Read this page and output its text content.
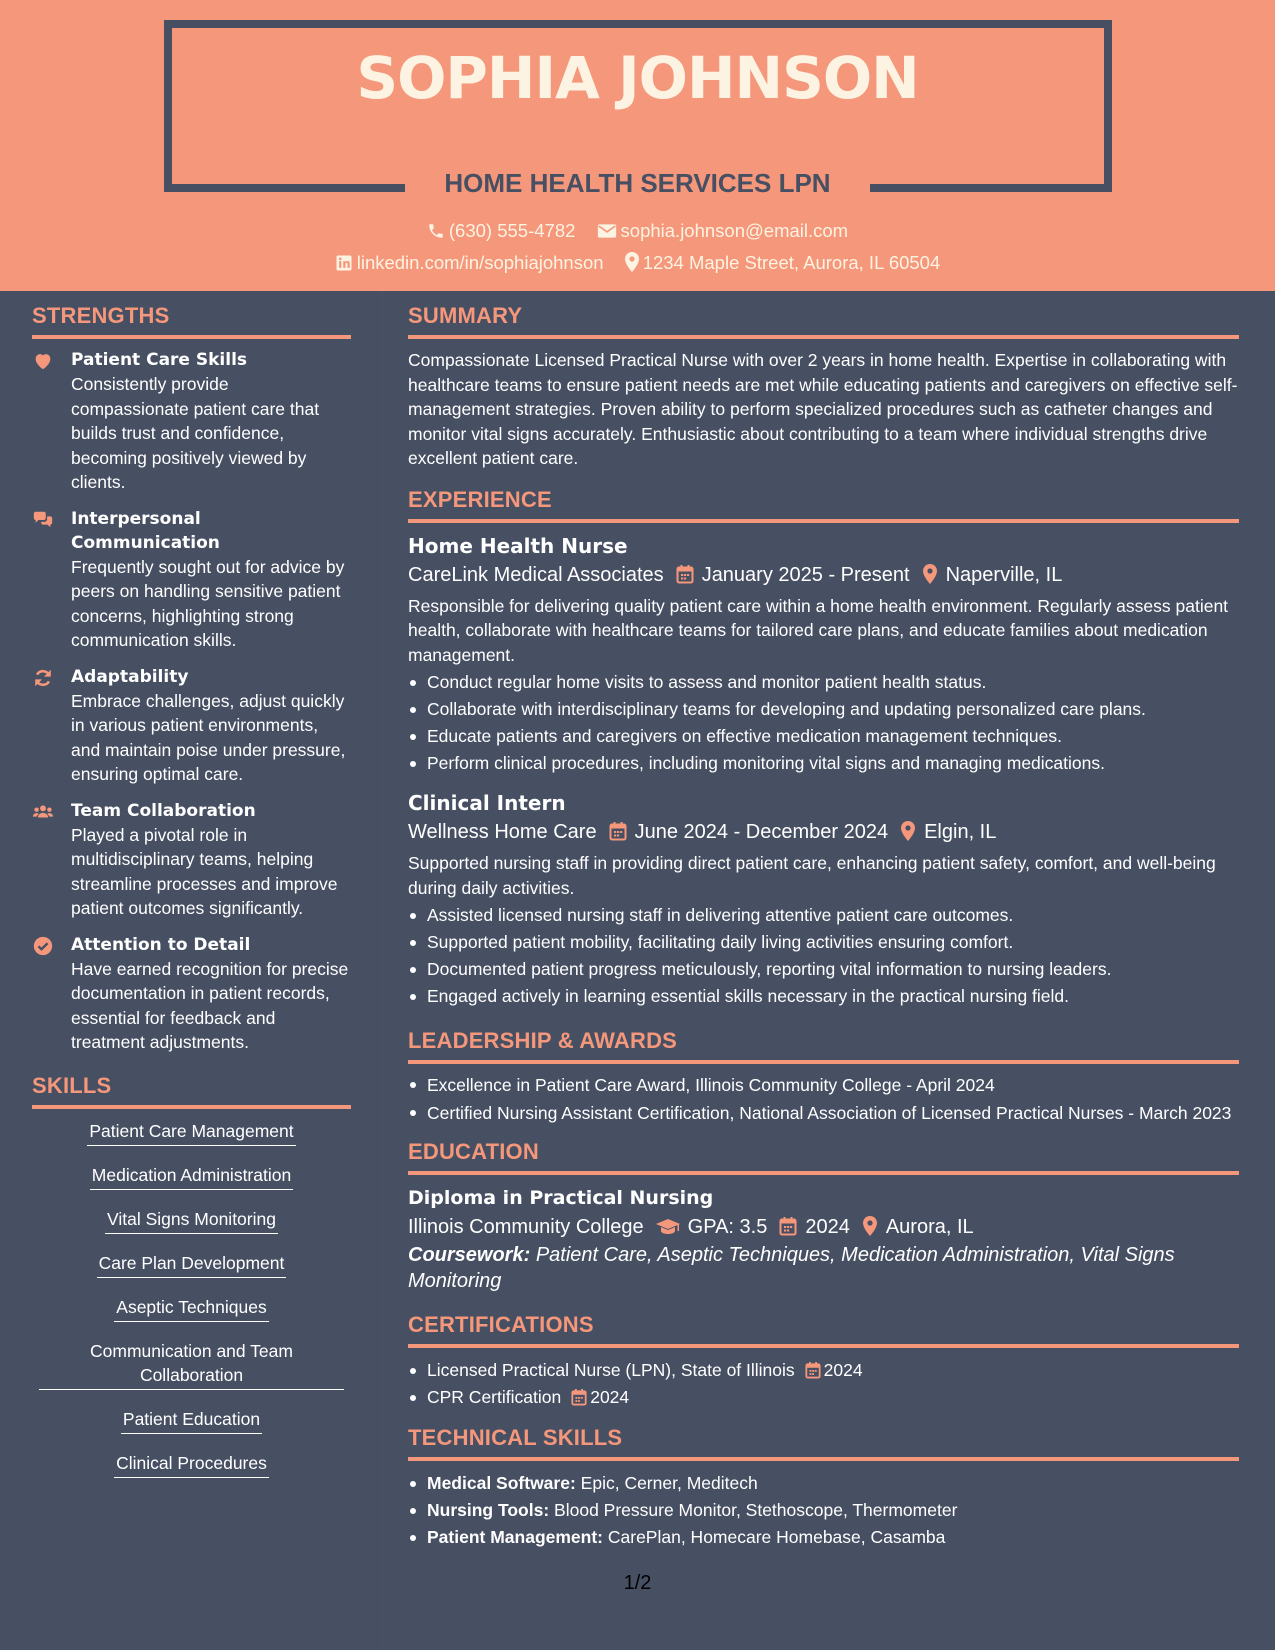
SOPHIA JOHNSON
HOME HEALTH SERVICES LPN
(630) 555-4782 sophia.johnson@email.com
linkedin.com/in/sophiajohnson 1234 Maple Street, Aurora, IL 60504
STRENGTHS
Patient Care Skills
Consistently provide compassionate patient care that builds trust and confidence, becoming positively viewed by clients.
Interpersonal Communication
Frequently sought out for advice by peers on handling sensitive patient concerns, highlighting strong communication skills.
Adaptability
Embrace challenges, adjust quickly in various patient environments, and maintain poise under pressure, ensuring optimal care.
Team Collaboration
Played a pivotal role in multidisciplinary teams, helping streamline processes and improve patient outcomes significantly.
Attention to Detail
Have earned recognition for precise documentation in patient records, essential for feedback and treatment adjustments.
SKILLS
Patient Care Management
Medication Administration
Vital Signs Monitoring
Care Plan Development
Aseptic Techniques
Communication and Team Collaboration
Patient Education
Clinical Procedures
SUMMARY
Compassionate Licensed Practical Nurse with over 2 years in home health. Expertise in collaborating with healthcare teams to ensure patient needs are met while educating patients and caregivers on effective self-management strategies. Proven ability to perform specialized procedures such as catheter changes and monitor vital signs accurately. Enthusiastic about contributing to a team where individual strengths drive excellent patient care.
EXPERIENCE
Home Health Nurse
CareLink Medical Associates January 2025 - Present Naperville, IL
Responsible for delivering quality patient care within a home health environment. Regularly assess patient health, collaborate with healthcare teams for tailored care plans, and educate families about medication management.
Conduct regular home visits to assess and monitor patient health status.
Collaborate with interdisciplinary teams for developing and updating personalized care plans.
Educate patients and caregivers on effective medication management techniques.
Perform clinical procedures, including monitoring vital signs and managing medications.
Clinical Intern
Wellness Home Care June 2024 - December 2024 Elgin, IL
Supported nursing staff in providing direct patient care, enhancing patient safety, comfort, and well-being during daily activities.
Assisted licensed nursing staff in delivering attentive patient care outcomes.
Supported patient mobility, facilitating daily living activities ensuring comfort.
Documented patient progress meticulously, reporting vital information to nursing leaders.
Engaged actively in learning essential skills necessary in the practical nursing field.
LEADERSHIP & AWARDS
Excellence in Patient Care Award, Illinois Community College - April 2024
Certified Nursing Assistant Certification, National Association of Licensed Practical Nurses - March 2023
EDUCATION
Diploma in Practical Nursing
Illinois Community College GPA: 3.5 2024 Aurora, IL
Coursework: Patient Care, Aseptic Techniques, Medication Administration, Vital Signs Monitoring
CERTIFICATIONS
Licensed Practical Nurse (LPN), State of Illinois 2024
CPR Certification 2024
TECHNICAL SKILLS
Medical Software: Epic, Cerner, Meditech
Nursing Tools: Blood Pressure Monitor, Stethoscope, Thermometer
Patient Management: CarePlan, Homecare Homebase, Casamba
1/2
